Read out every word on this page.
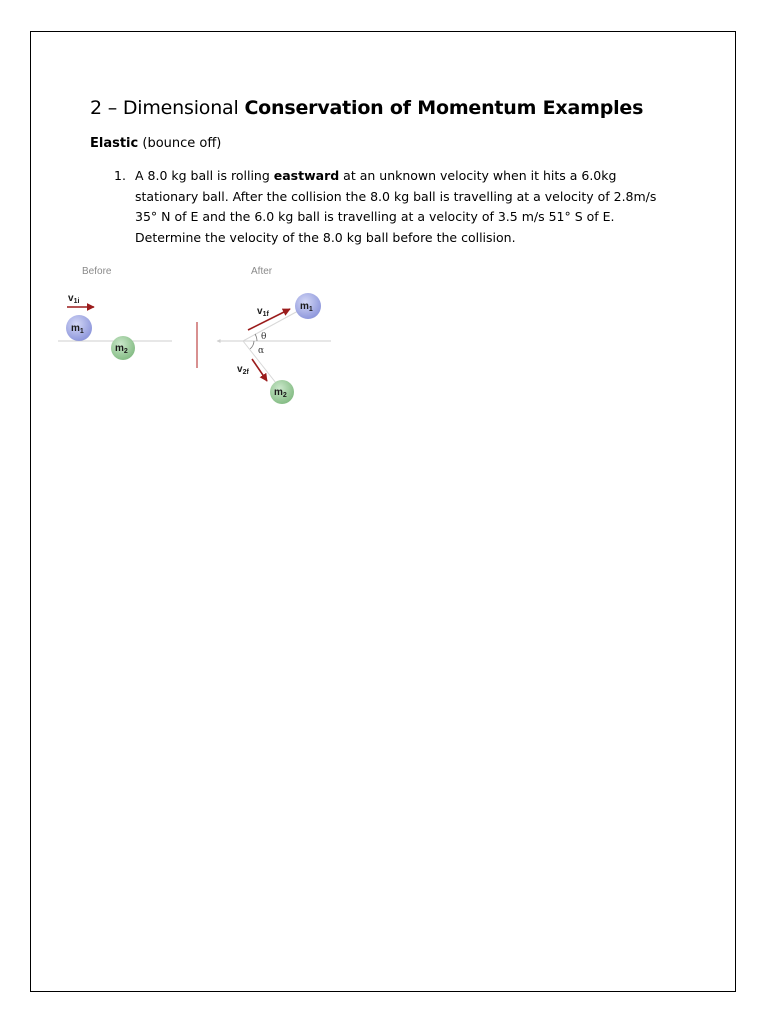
2 – Dimensional Conservation of Momentum Examples
Elastic (bounce off)
1. A 8.0 kg ball is rolling eastward at an unknown velocity when it hits a 6.0kg stationary ball. After the collision the 8.0 kg ball is travelling at a velocity of 2.8m/s 35° N of E and the 6.0 kg ball is travelling at a velocity of 3.5 m/s 51° S of E. Determine the velocity of the 8.0 kg ball before the collision.
Before
$v_{1i}$
$m_1$
$m_2$
After
θ
α
$v_{1f}$
$v_{2f}$
$m_1$
$m_2$
